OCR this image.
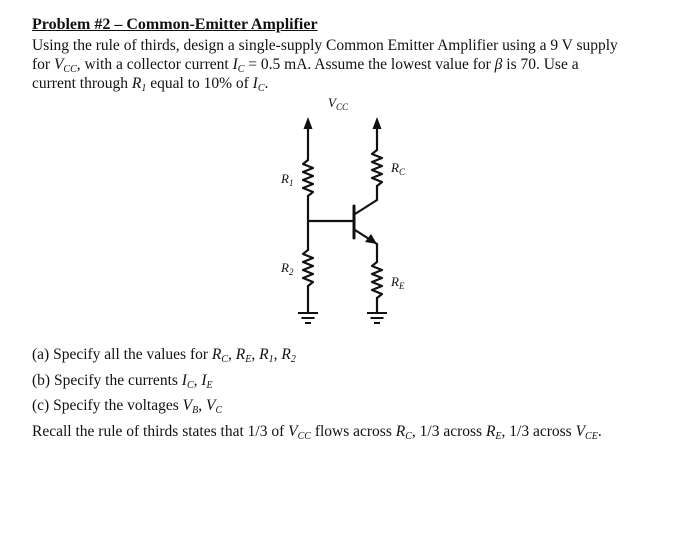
Problem #2 – Common-Emitter Amplifier
Using the rule of thirds, design a single-supply Common Emitter Amplifier using a 9 V supply
for $V_{CC}$, with a collector current $I_C = 0.5$ mA. Assume the lowest value for β is 70. Use a
current through $R_1$ equal to 10% of $I_C$.
$V_{CC}$
$R_1$
$R_2$
$R_C$
$R_E$
(a) Specify all the values for $R_C$, $R_E$, $R_1$, $R_2$
(b) Specify the currents $I_C$, $I_E$
(c) Specify the voltages $V_B$, $V_C$
Recall the rule of thirds states that 1/3 of $V_{CC}$ flows across $R_C$, 1/3 across $R_E$, 1/3 across $V_{CE}$.
